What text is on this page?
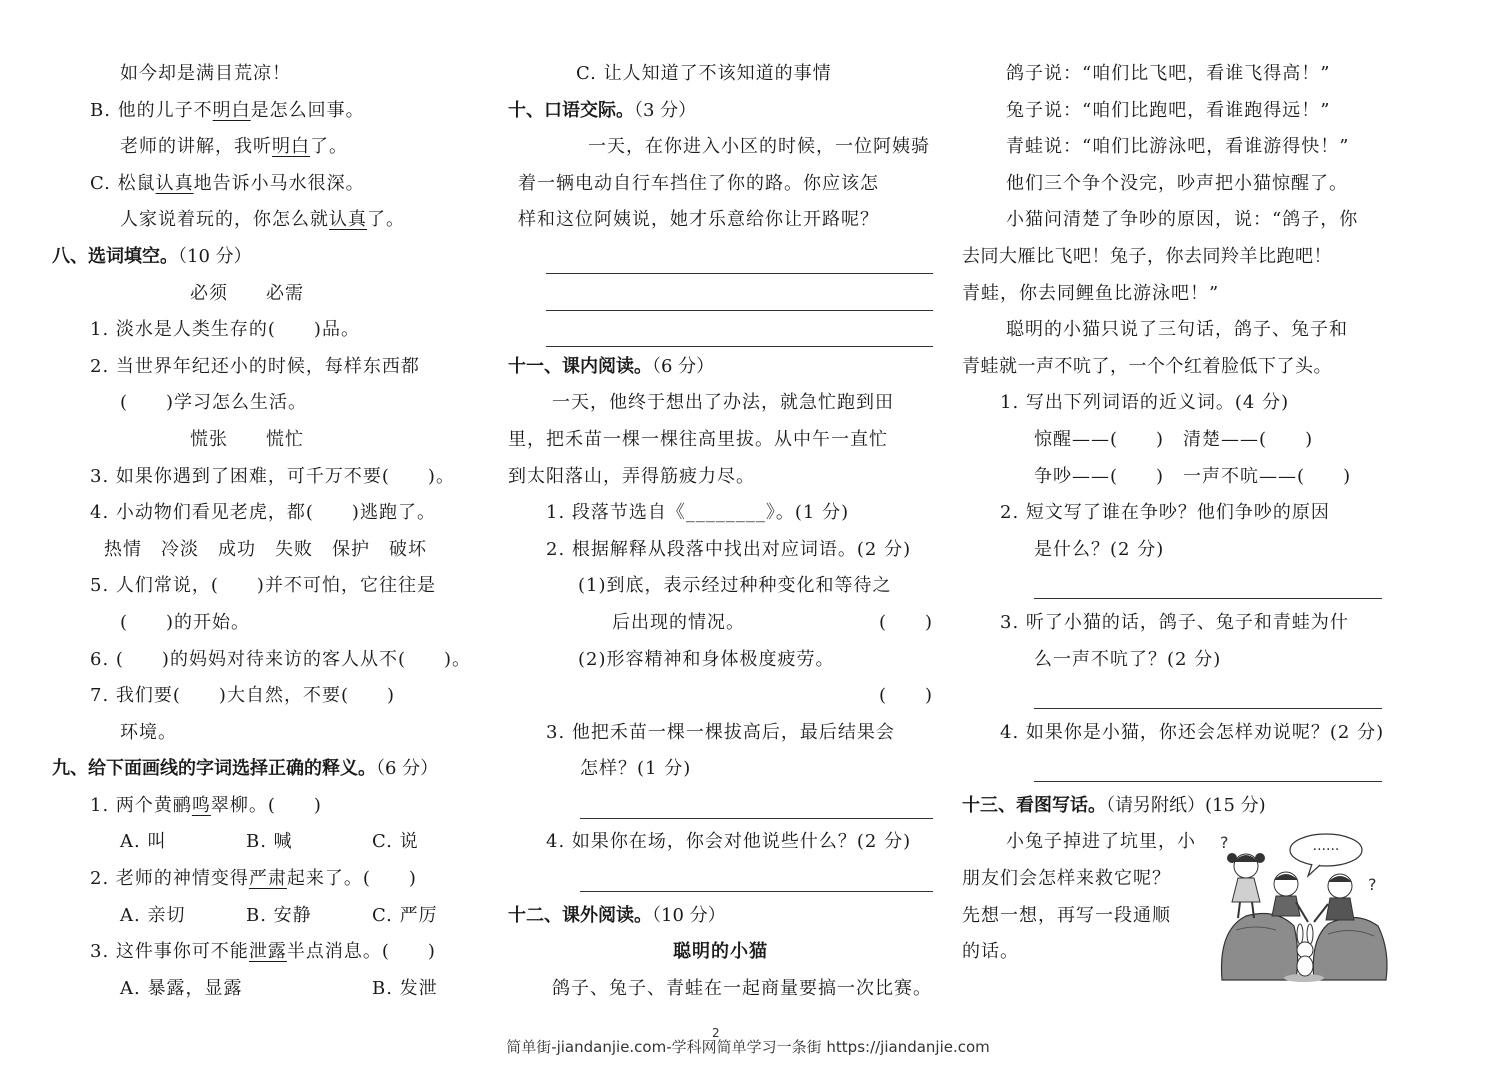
如今却是满目荒凉！
B. 他的儿子不明白是怎么回事。
老师的讲解，我听明白了。
C. 松鼠认真地告诉小马水很深。
人家说着玩的，你怎么就认真了。
八、选词填空。（10 分）
必须　　必需
1. 淡水是人类生存的(　　)品。
2. 当世界年纪还小的时候，每样东西都
(　　)学习怎么生活。
慌张　　慌忙
3. 如果你遇到了困难，可千万不要(　　)。
4. 小动物们看见老虎，都(　　)逃跑了。
热情　冷淡　成功　失败　保护　破坏
5. 人们常说，(　　)并不可怕，它往往是
(　　)的开始。
6. (　　)的妈妈对待来访的客人从不(　　)。
7. 我们要(　　)大自然，不要(　　)
环境。
九、给下面画线的字词选择正确的释义。（6 分）
1. 两个黄鹂鸣翠柳。(　　)
A. 叫	B. 喊	C. 说
2. 老师的神情变得严肃起来了。(　　)
A. 亲切	B. 安静	C. 严厉
3. 这件事你可不能泄露半点消息。(　　)
A. 暴露，显露	B. 发泄
C. 让人知道了不该知道的事情
十、口语交际。（3 分）
一天，在你进入小区的时候，一位阿姨骑
着一辆电动自行车挡住了你的路。你应该怎
样和这位阿姨说，她才乐意给你让开路呢？
十一、课内阅读。（6 分）
一天，他终于想出了办法，就急忙跑到田
里，把禾苗一棵一棵往高里拔。从中午一直忙
到太阳落山，弄得筋疲力尽。
1. 段落节选自《________》。(1 分)
2. 根据解释从段落中找出对应词语。(2 分)
(1)到底，表示经过种种变化和等待之
后出现的情况。	(　　)
(2)形容精神和身体极度疲劳。
(　　)
3. 他把禾苗一棵一棵拔高后，最后结果会
怎样？(1 分)
4. 如果你在场，你会对他说些什么？(2 分)
十二、课外阅读。（10 分）
聪明的小猫
鸽子、兔子、青蛙在一起商量要搞一次比赛。
鸽子说：“咱们比飞吧，看谁飞得高！”
兔子说：“咱们比跑吧，看谁跑得远！”
青蛙说：“咱们比游泳吧，看谁游得快！”
他们三个争个没完，吵声把小猫惊醒了。
小猫问清楚了争吵的原因，说：“鸽子，你
去同大雁比飞吧！兔子，你去同羚羊比跑吧！
青蛙，你去同鲤鱼比游泳吧！”
聪明的小猫只说了三句话，鸽子、兔子和
青蛙就一声不吭了，一个个红着脸低下了头。
1. 写出下列词语的近义词。(4 分)
惊醒——(　　)　清楚——(　　)
争吵——(　　)　一声不吭——(　　)
2. 短文写了谁在争吵？他们争吵的原因
是什么？(2 分)
3. 听了小猫的话，鸽子、兔子和青蛙为什
么一声不吭了？(2 分)
4. 如果你是小猫，你还会怎样劝说呢？(2 分)
十三、看图写话。（请另附纸）(15 分)
小兔子掉进了坑里，小
朋友们会怎样来救它呢？
先想一想，再写一段通顺
的话。
······
?
?
2
简单街-jiandanjie.com-学科网简单学习一条街 https://jiandanjie.com
